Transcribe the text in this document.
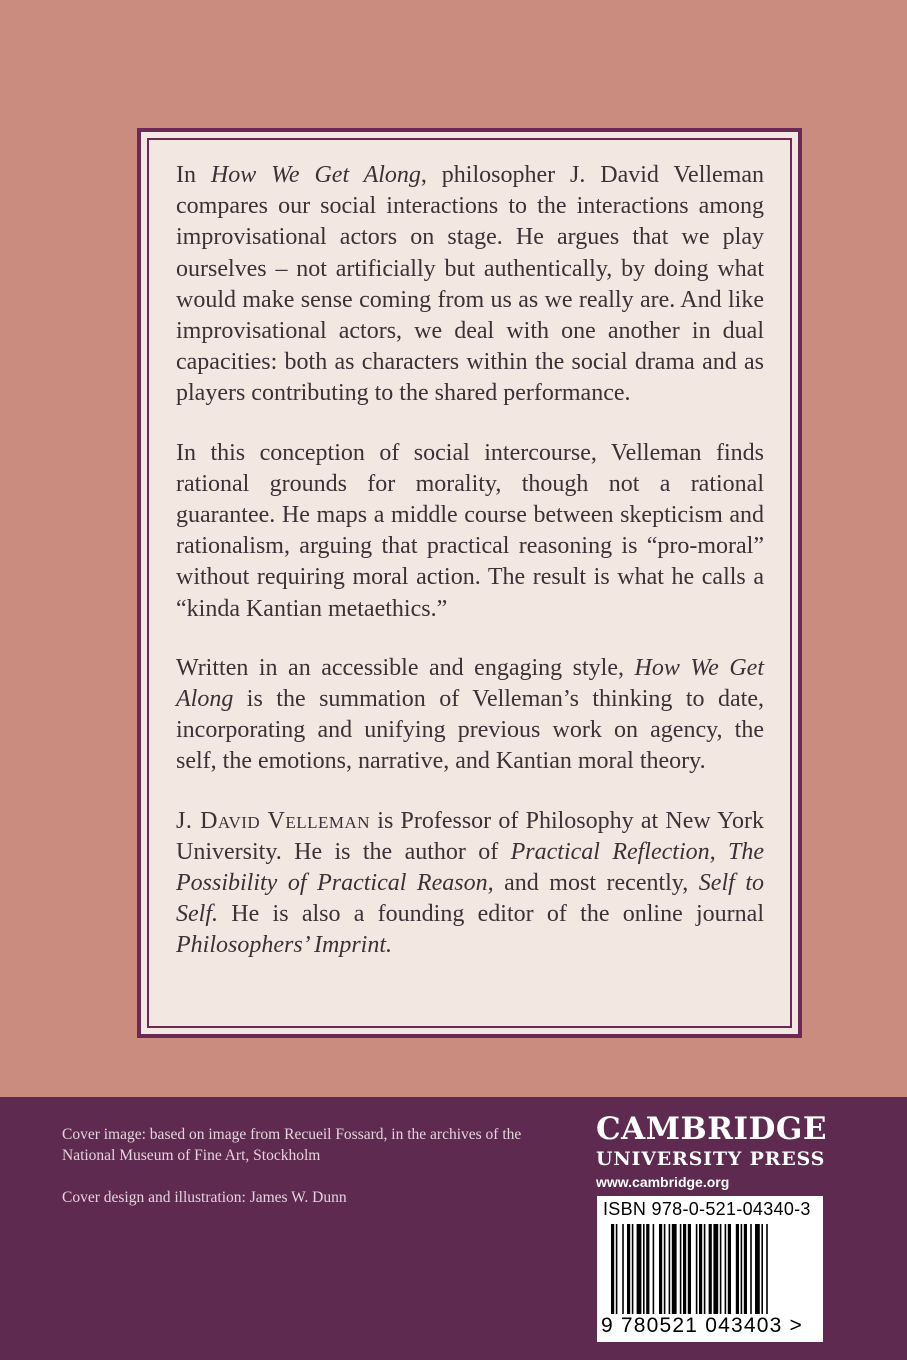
In How We Get Along, philosopher J. David Velleman compares our social interactions to the interactions among improvisational actors on stage. He argues that we play ourselves – not artificially but authentically, by doing what would make sense coming from us as we really are. And like improvisational actors, we deal with one another in dual capacities: both as characters within the social drama and as players contributing to the shared performance.

In this conception of social intercourse, Velleman finds rational grounds for morality, though not a rational guarantee. He maps a middle course between skepticism and rationalism, arguing that practical reasoning is “pro-moral” without requiring moral action. The result is what he calls a “kinda Kantian metaethics.”

Written in an accessible and engaging style, How We Get Along is the summation of Velleman’s thinking to date, incorporating and unifying previous work on agency, the self, the emotions, narrative, and Kantian moral theory.

J. David Velleman is Professor of Philosophy at New York University. He is the author of Practical Reflection, The Possibility of Practical Reason, and most recently, Self to Self. He is also a founding editor of the online journal Philosophers’ Imprint.

Cover image: based on image from Recueil Fossard, in the archives of the National Museum of Fine Art, Stockholm

Cover design and illustration: James W. Dunn

CAMBRIDGE
UNIVERSITY PRESS
www.cambridge.org
ISBN 978-0-521-04340-3
9 780521 043403 >
